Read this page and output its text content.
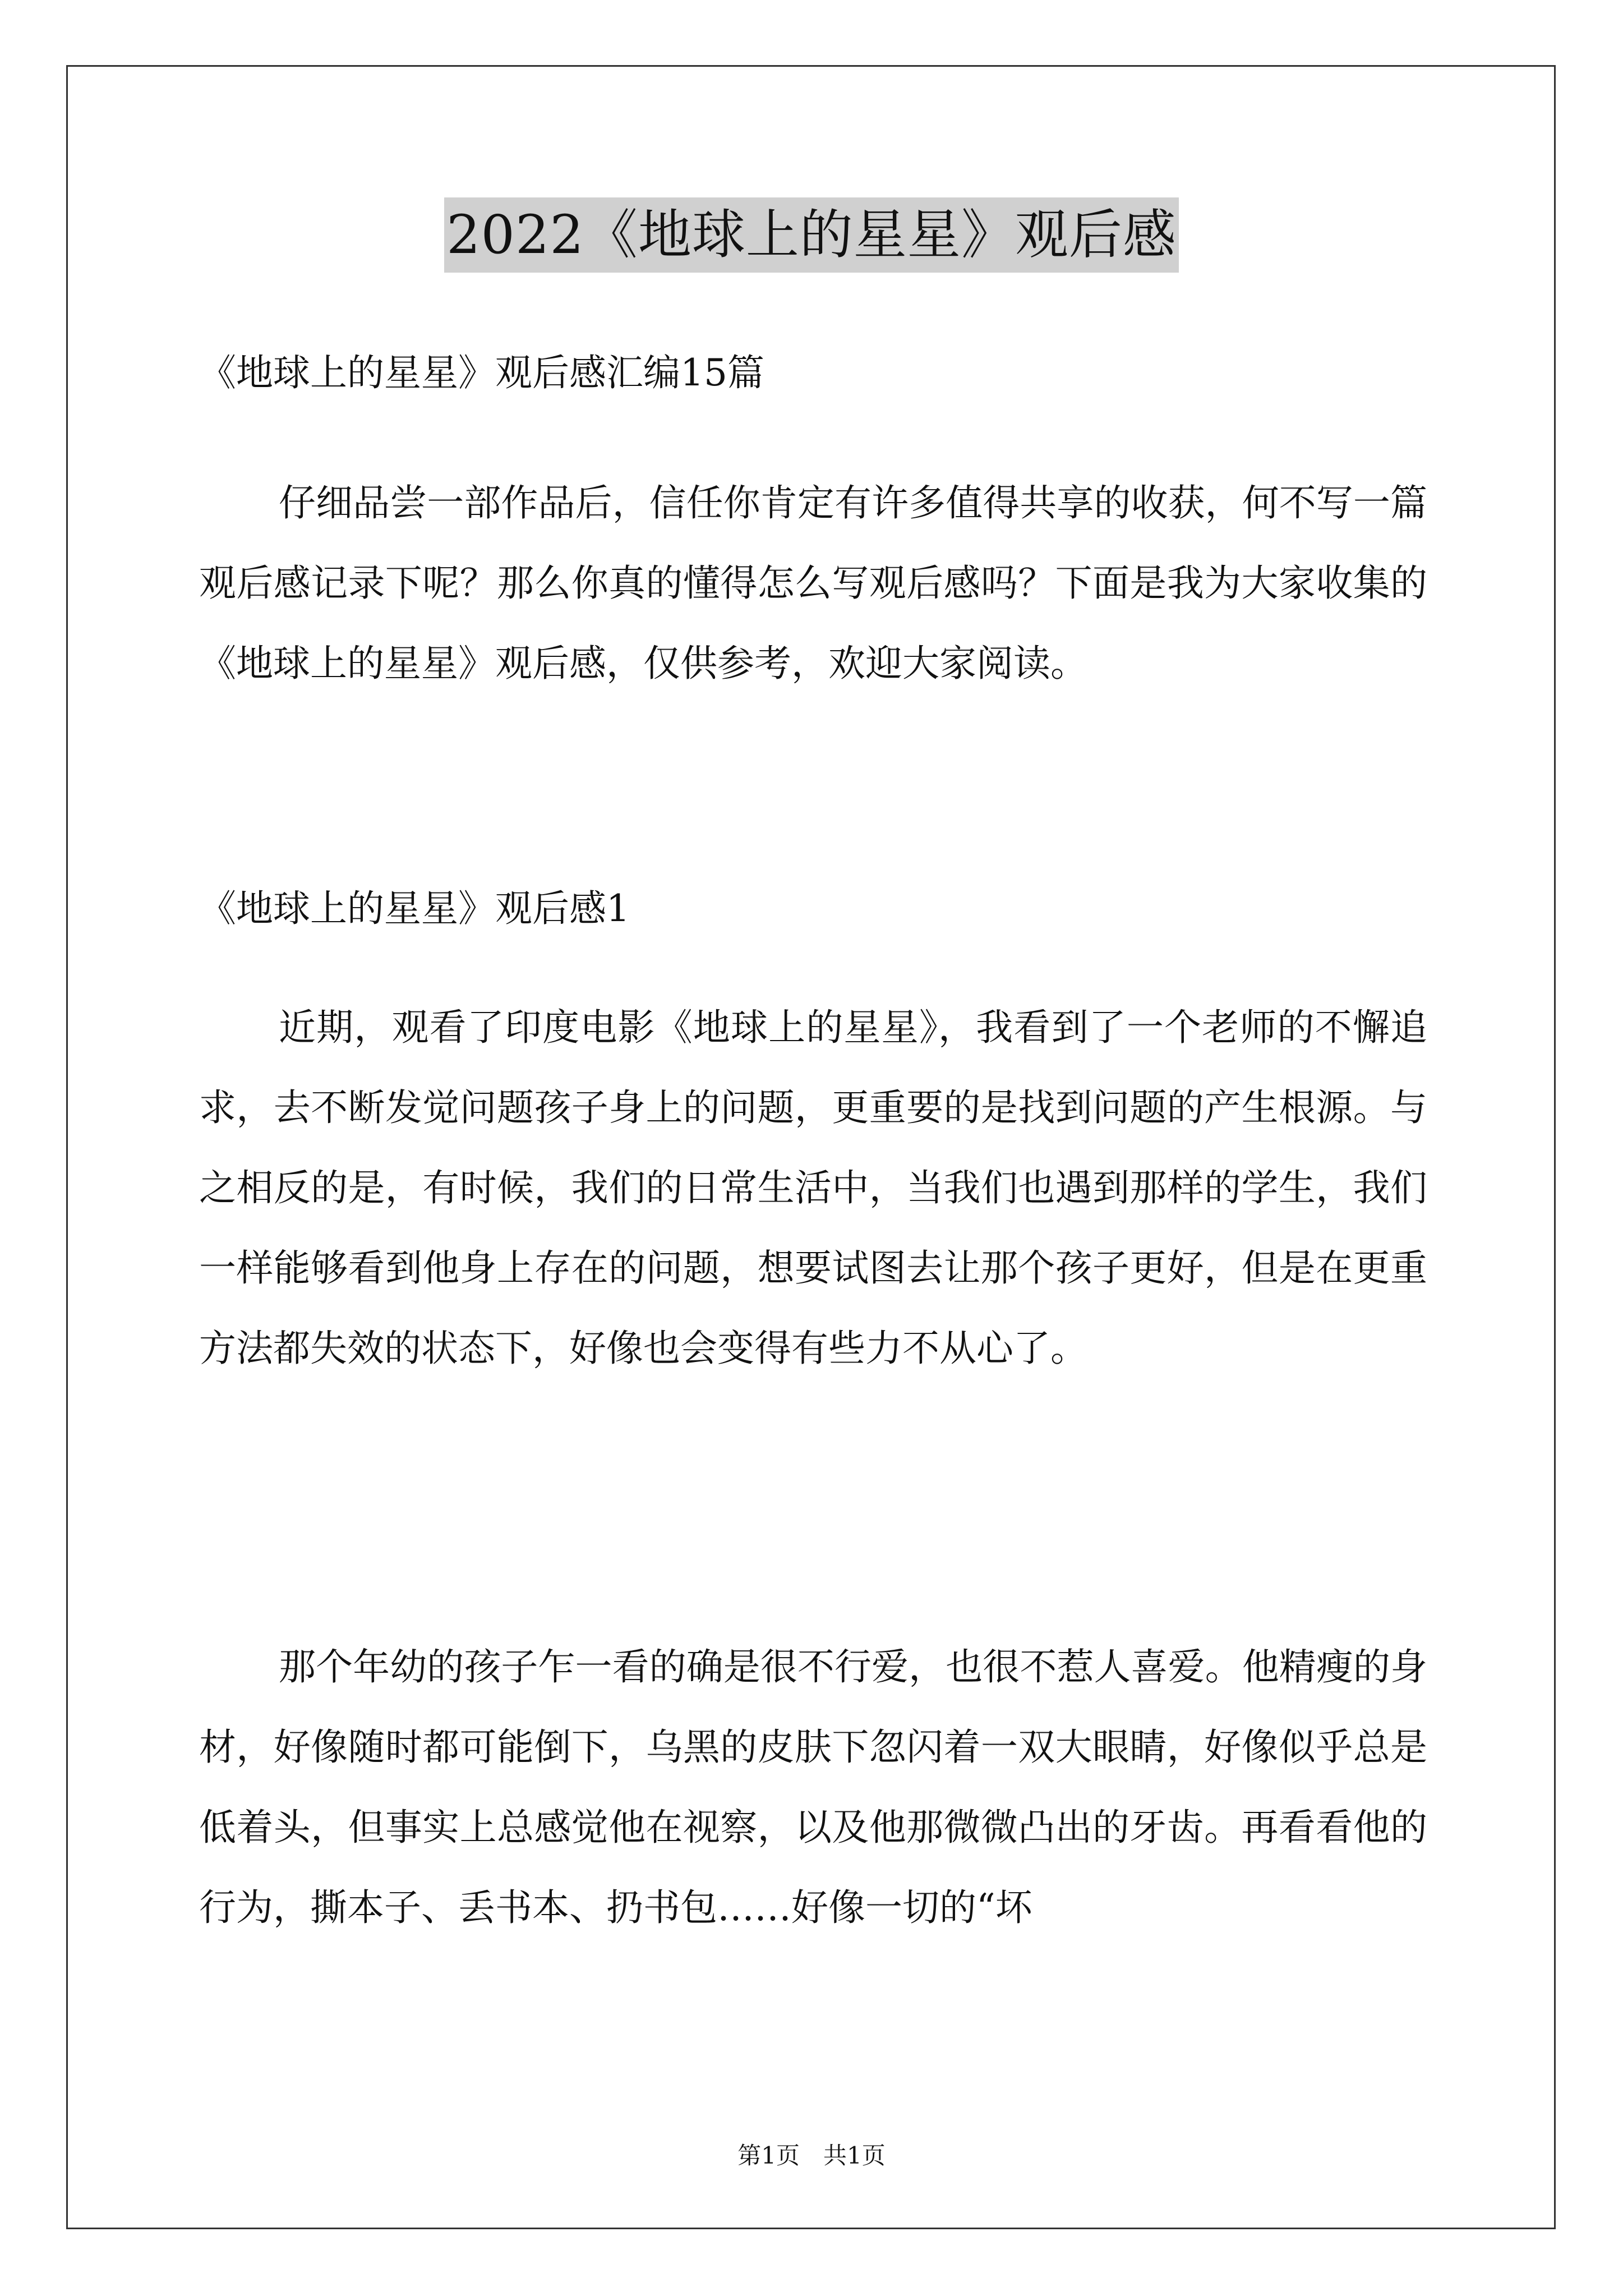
2022《地球上的星星》观后感
《地球上的星星》观后感汇编15篇
仔细品尝一部作品后，信任你肯定有许多值得共享的收获，何不写一篇观后感记录下呢？那么你真的懂得怎么写观后感吗？下面是我为大家收集的《地球上的星星》观后感，仅供参考，欢迎大家阅读。
《地球上的星星》观后感1
近期，观看了印度电影《地球上的星星》，我看到了一个老师的不懈追求，去不断发觉问题孩子身上的问题，更重要的是找到问题的产生根源。与之相反的是，有时候，我们的日常生活中，当我们也遇到那样的学生，我们一样能够看到他身上存在的问题，想要试图去让那个孩子更好，但是在更重方法都失效的状态下，好像也会变得有些力不从心了。
那个年幼的孩子乍一看的确是很不行爱，也很不惹人喜爱。他精瘦的身材，好像随时都可能倒下，乌黑的皮肤下忽闪着一双大眼睛，好像似乎总是低着头，但事实上总感觉他在视察，以及他那微微凸出的牙齿。再看看他的行为，撕本子、丢书本、扔书包……好像一切的“坏
第1页　共1页
